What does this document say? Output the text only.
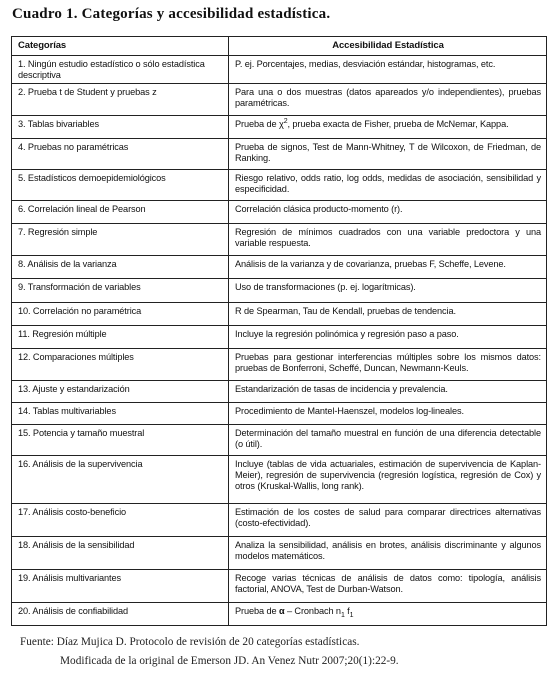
Cuadro 1. Categorías y accesibilidad estadística.
Categorías	Accesibilidad Estadística
1. Ningún estudio estadístico o sólo estadística descriptiva	P. ej. Porcentajes, medias, desviación estándar, histogramas, etc.
2. Prueba t de Student y pruebas z	Para una o dos muestras (datos apareados y/o independientes), pruebas paramétricas.
3. Tablas bivariables	Prueba de $\chi^2$, prueba exacta de Fisher, prueba de McNemar, Kappa.
4. Pruebas no paramétricas	Prueba de signos, Test de Mann-Whitney, T de Wilcoxon, de Friedman, de Ranking.
5. Estadísticos demoepidemiológicos	Riesgo relativo, odds ratio, log odds, medidas de asociación, sensibilidad y especificidad.
6. Correlación lineal de Pearson	Correlación clásica producto-momento (r).
7. Regresión simple	Regresión de mínimos cuadrados con una variable predoctora y una variable respuesta.
8. Análisis de la varianza	Análisis de la varianza y de covarianza, pruebas F, Scheffe, Levene.
9. Transformación de variables	Uso de transformaciones (p. ej. logarítmicas).
10. Correlación no paramétrica	R de Spearman, Tau de Kendall, pruebas de tendencia.
11. Regresión múltiple	Incluye la regresión polinómica y regresión paso a paso.
12. Comparaciones múltiples	Pruebas para gestionar interferencias múltiples sobre los mismos datos: pruebas de Bonferroni, Scheffé, Duncan, Newmann-Keuls.
13. Ajuste y estandarización	Estandarización de tasas de incidencia y prevalencia.
14. Tablas multivariables	Procedimiento de Mantel-Haenszel, modelos log-lineales.
15. Potencia y tamaño muestral	Determinación del tamaño muestral en función de una diferencia detectable (o útil).
16. Análisis de la supervivencia	Incluye (tablas de vida actuariales, estimación de supervivencia de Kaplan-Meier), regresión de supervivencia (regresión logística, regresión de Cox) y otros (Kruskal-Wallis, long rank).
17. Análisis costo-beneficio	Estimación de los costes de salud para comparar directrices alternativas (costo-efectividad).
18. Análisis de la sensibilidad	Analiza la sensibilidad, análisis en brotes, análisis discriminante y algunos modelos matemáticos.
19. Análisis multivariantes	Recoge varias técnicas de análisis de datos como: tipología, análisis factorial, ANOVA, Test de Durban-Watson.
20. Análisis de confiabilidad	Prueba de α – Cronbach $n_1$ $f_1$
Fuente: Díaz Mujica D. Protocolo de revisión de 20 categorías estadísticas.
Modificada de la original de Emerson JD. An Venez Nutr 2007;20(1):22-9.
